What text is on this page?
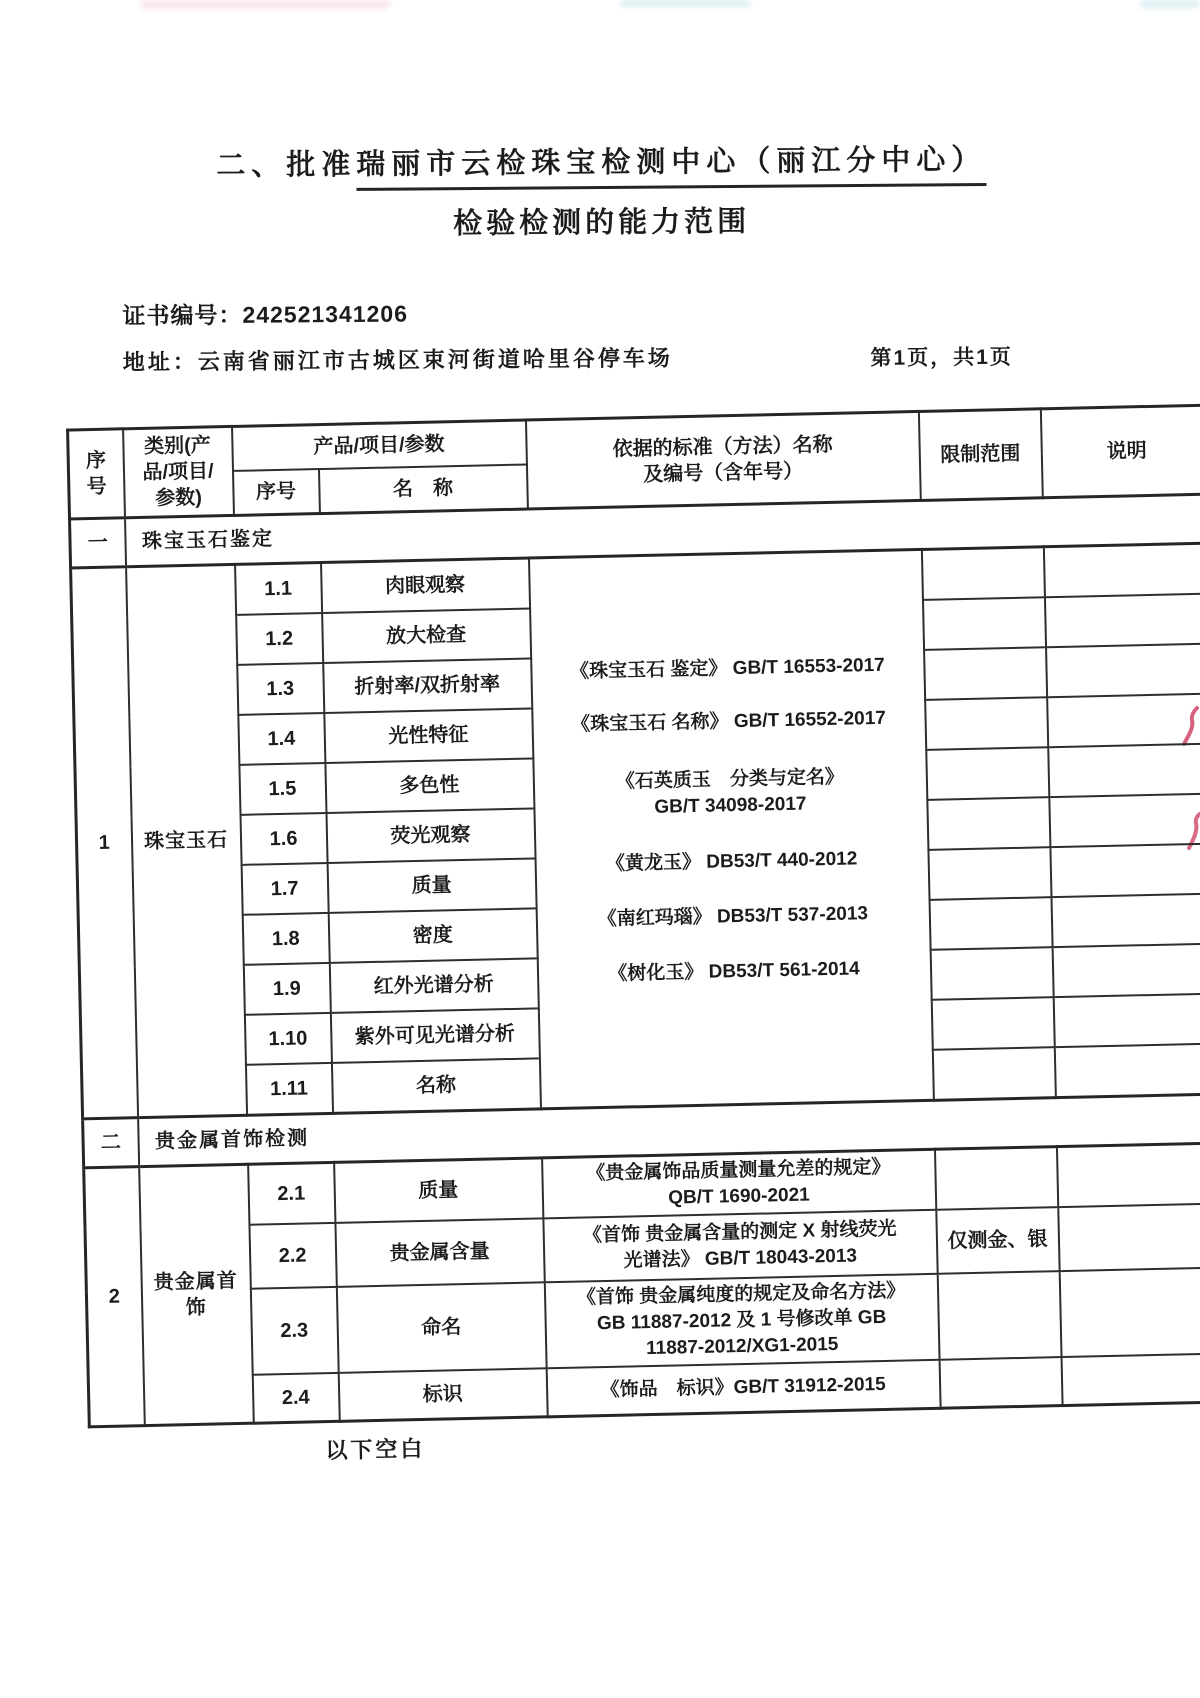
二、批准瑞丽市云检珠宝检测中心（丽江分中心）
检验检测的能力范围
证书编号：242521341206
地址：云南省丽江市古城区束河街道哈里谷停车场	第1页，共1页
序
号	类别(产
品/项目/
参数)	产品/项目/参数		依据的标准（方法）名称
及编号（含年号）	限制范围	说明
		序号	名　称			
一	珠宝玉石鉴定					
1	珠宝玉石	1.1	肉眼观察	
《珠宝玉石 鉴定》 GB/T 16553-2017
《珠宝玉石 名称》 GB/T 16552-2017
《石英质玉　分类与定名》
GB/T 34098-2017
《黄龙玉》 DB53/T 440-2012
《南红玛瑙》 DB53/T 537-2013
《树化玉》 DB53/T 561-2014

		1.2	放大检查			
		1.3	折射率/双折射率			
		1.4	光性特征			
		1.5	多色性			
		1.6	荧光观察			
		1.7	质量			
		1.8	密度			
		1.9	红外光谱分析			
		1.10	紫外可见光谱分析			
		1.11	名称			
二	贵金属首饰检测					
2	贵金属首饰	2.1	质量	《贵金属饰品质量测量允差的规定》
QB/T 1690-2021		
		2.2	贵金属含量	《首饰 贵金属含量的测定 X 射线荧光
光谱法》 GB/T 18043-2013	仅测金、银	
		2.3	命名	《首饰 贵金属纯度的规定及命名方法》
GB 11887-2012 及 1 号修改单 GB
11887-2012/XG1-2015		
		2.4	标识	《饰品　标识》GB/T 31912-2015		
以下空白
